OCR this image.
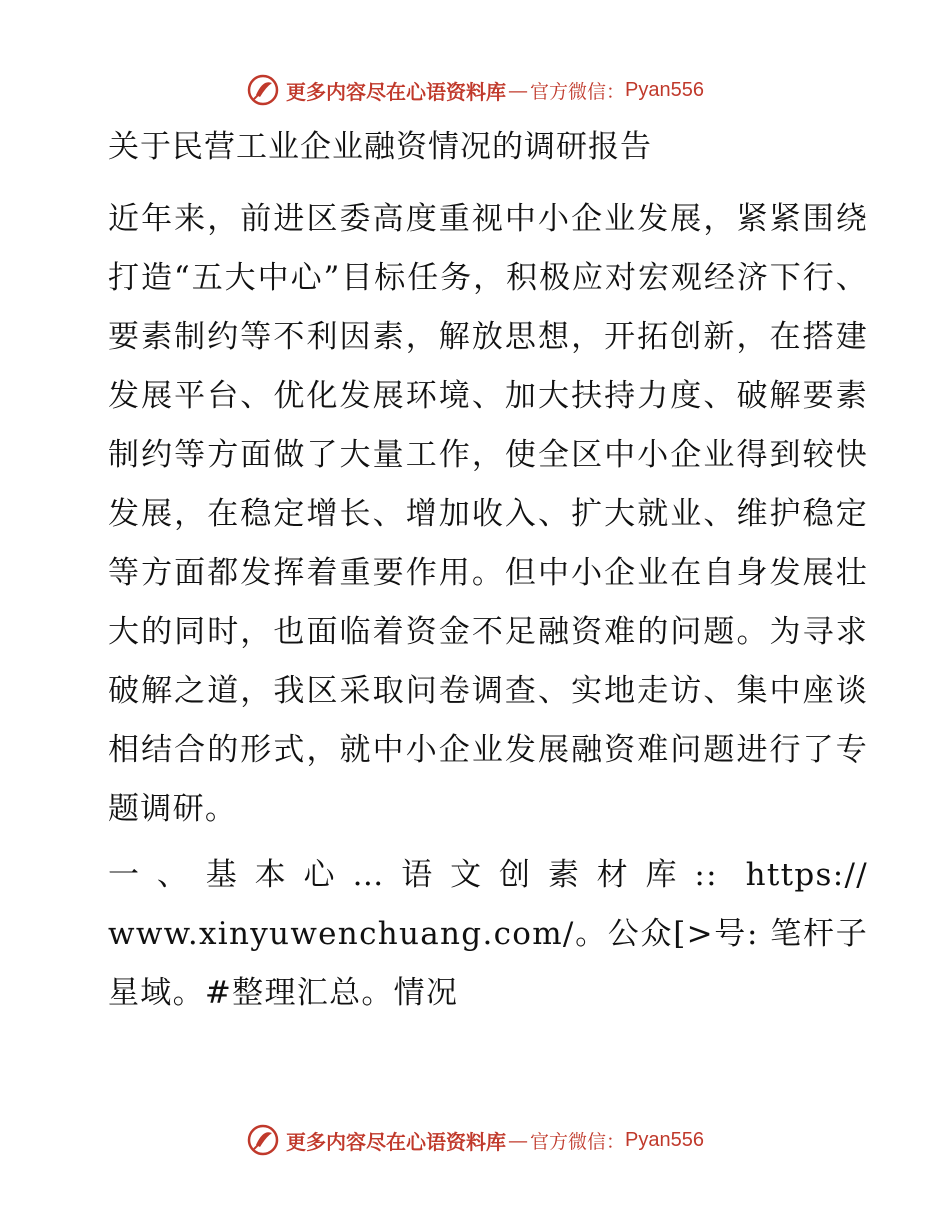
更多内容尽在心语资料库 — 官方微信： Pyan556
关于民营工业企业融资情况的调研报告

近年来，前进区委高度重视中小企业发展，紧紧围绕打造“五大中心”目标任务，积极应对宏观经济下行、要素制约等不利因素，解放思想，开拓创新，在搭建发展平台、优化发展环境、加大扶持力度、破解要素制约等方面做了大量工作，使全区中小企业得到较快发展，在稳定增长、增加收入、扩大就业、维护稳定等方面都发挥着重要作用。但中小企业在自身发展壮大的同时，也面临着资金不足融资难的问题。为寻求破解之道，我区采取问卷调查、实地走访、集中座谈相结合的形式，就中小企业发展融资难问题进行了专题调研。

一、基本心…语文创素材库:: https:// www.xinyuwenchuang.com/。公众[>号: 笔杆子星域。#整理汇总。情况

更多内容尽在心语资料库 — 官方微信： Pyan556
